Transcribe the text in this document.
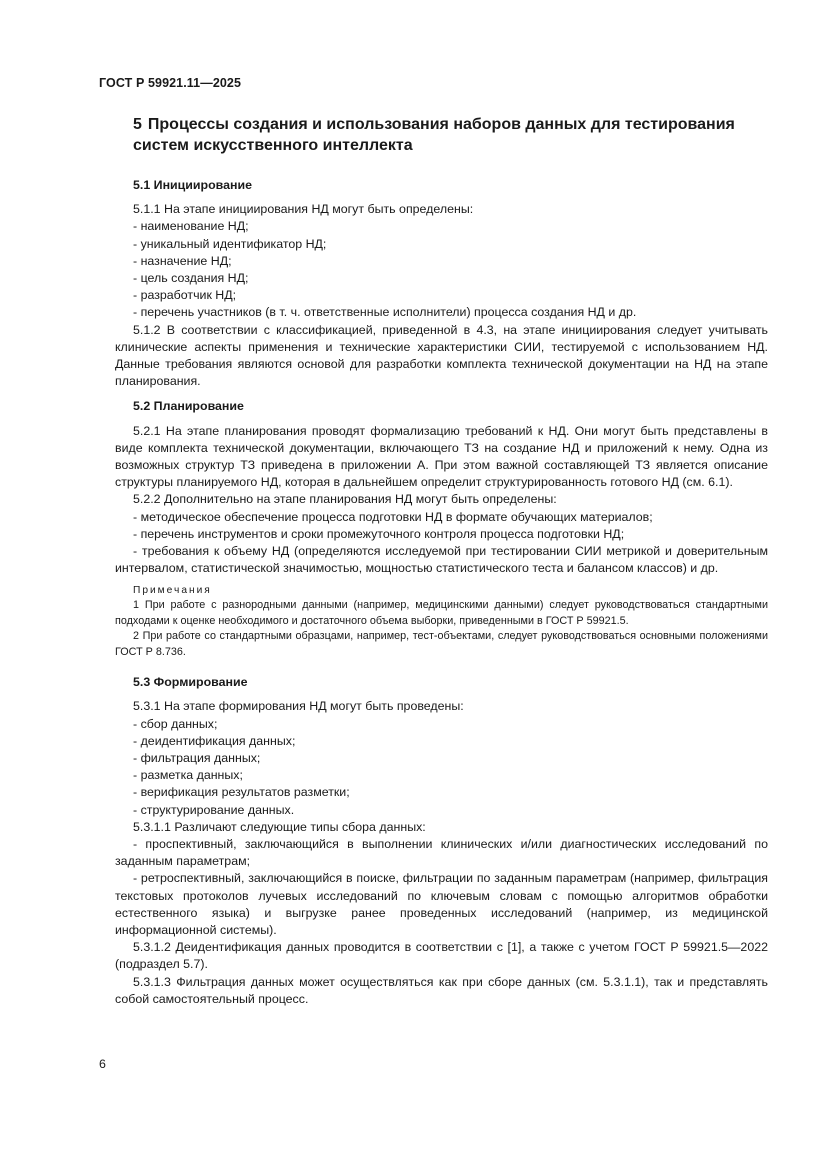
ГОСТ Р 59921.11—2025
5 Процессы создания и использования наборов данных для тестирования систем искусственного интеллекта
5.1 Инициирование

5.1.1 На этапе инициирования НД могут быть определены:

- наименование НД;

- уникальный идентификатор НД;

- назначение НД;

- цель создания НД;

- разработчик НД;

- перечень участников (в т. ч. ответственные исполнители) процесса создания НД и др.

5.1.2 В соответствии с классификацией, приведенной в 4.3, на этапе инициирования следует учитывать клинические аспекты применения и технические характеристики СИИ, тестируемой с использованием НД. Данные требования являются основой для разработки комплекта технической документации на НД на этапе планирования.

5.2 Планирование

5.2.1 На этапе планирования проводят формализацию требований к НД. Они могут быть представлены в виде комплекта технической документации, включающего ТЗ на создание НД и приложений к нему. Одна из возможных структур ТЗ приведена в приложении А. При этом важной составляющей ТЗ является описание структуры планируемого НД, которая в дальнейшем определит структурированность готового НД (см. 6.1).

5.2.2 Дополнительно на этапе планирования НД могут быть определены:

- методическое обеспечение процесса подготовки НД в формате обучающих материалов;

- перечень инструментов и сроки промежуточного контроля процесса подготовки НД;

- требования к объему НД (определяются исследуемой при тестировании СИИ метрикой и доверительным интервалом, статистической значимостью, мощностью статистического теста и балансом классов) и др.

Примечания

1 При работе с разнородными данными (например, медицинскими данными) следует руководствоваться стандартными подходами к оценке необходимого и достаточного объема выборки, приведенными в ГОСТ Р 59921.5.

2 При работе со стандартными образцами, например, тест-объектами, следует руководствоваться основными положениями ГОСТ Р 8.736.

5.3 Формирование

5.3.1 На этапе формирования НД могут быть проведены:

- сбор данных;

- деидентификация данных;

- фильтрация данных;

- разметка данных;

- верификация результатов разметки;

- структурирование данных.

5.3.1.1 Различают следующие типы сбора данных:

- проспективный, заключающийся в выполнении клинических и/или диагностических исследований по заданным параметрам;

- ретроспективный, заключающийся в поиске, фильтрации по заданным параметрам (например, фильтрация текстовых протоколов лучевых исследований по ключевым словам с помощью алгоритмов обработки естественного языка) и выгрузке ранее проведенных исследований (например, из медицинской информационной системы).

5.3.1.2 Деидентификация данных проводится в соответствии с [1], а также с учетом ГОСТ Р 59921.5—2022 (подраздел 5.7).

5.3.1.3 Фильтрация данных может осуществляться как при сборе данных (см. 5.3.1.1), так и представлять собой самостоятельный процесс.

6
